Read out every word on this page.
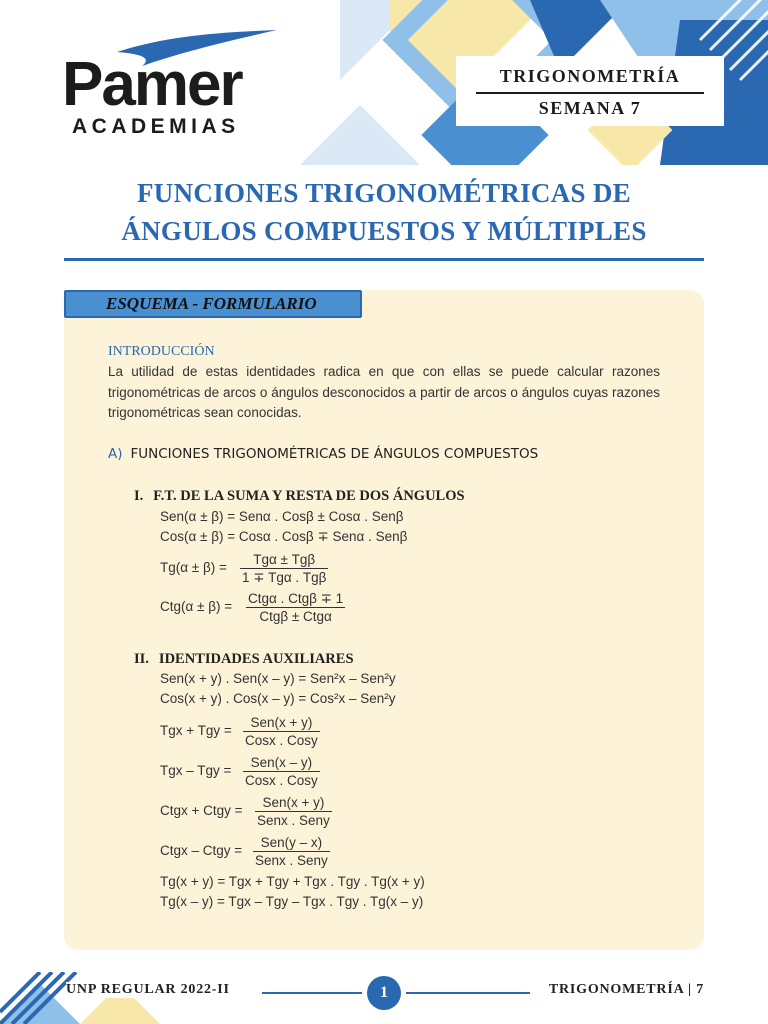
Pamer
ACADEMIAS
TRIGONOMETRÍA
SEMANA 7
FUNCIONES TRIGONOMÉTRICAS DE
ÁNGULOS COMPUESTOS Y MÚLTIPLES
ESQUEMA - FORMULARIO
INTRODUCCIÓN
La utilidad de estas identidades radica en que con ellas se puede calcular razones trigonométricas de arcos o ángulos desconocidos a partir de arcos o ángulos cuyas razones trigonométricas sean conocidas.
A) FUNCIONES TRIGONOMÉTRICAS DE ÁNGULOS COMPUESTOS
I. F.T. DE LA SUMA Y RESTA DE DOS ÁNGULOS
Sen(α ± β) = Senα . Cosβ ± Cosα . Senβ
Cos(α ± β) = Cosα . Cosβ ∓ Senα . Senβ
Tg(α ± β) =
Tgα ± Tgβ
1 ∓ Tgα . Tgβ
Ctg(α ± β) =
Ctgα . Ctgβ ∓ 1
Ctgβ ± Ctgα
II. IDENTIDADES AUXILIARES
Sen(x + y) . Sen(x – y) = Sen²x – Sen²y
Cos(x + y) . Cos(x – y) = Cos²x – Sen²y
Tgx + Tgy =
Sen(x + y)
Cosx . Cosy
Tgx – Tgy =
Sen(x – y)
Cosx . Cosy
Ctgx + Ctgy =
Sen(x + y)
Senx . Seny
Ctgx – Ctgy =
Sen(y – x)
Senx . Seny
Tg(x + y) = Tgx + Tgy + Tgx . Tgy . Tg(x + y)
Tg(x – y) = Tgx – Tgy – Tgx . Tgy . Tg(x – y)
UNP REGULAR 2022-II	1	TRIGONOMETRÍA | 7
